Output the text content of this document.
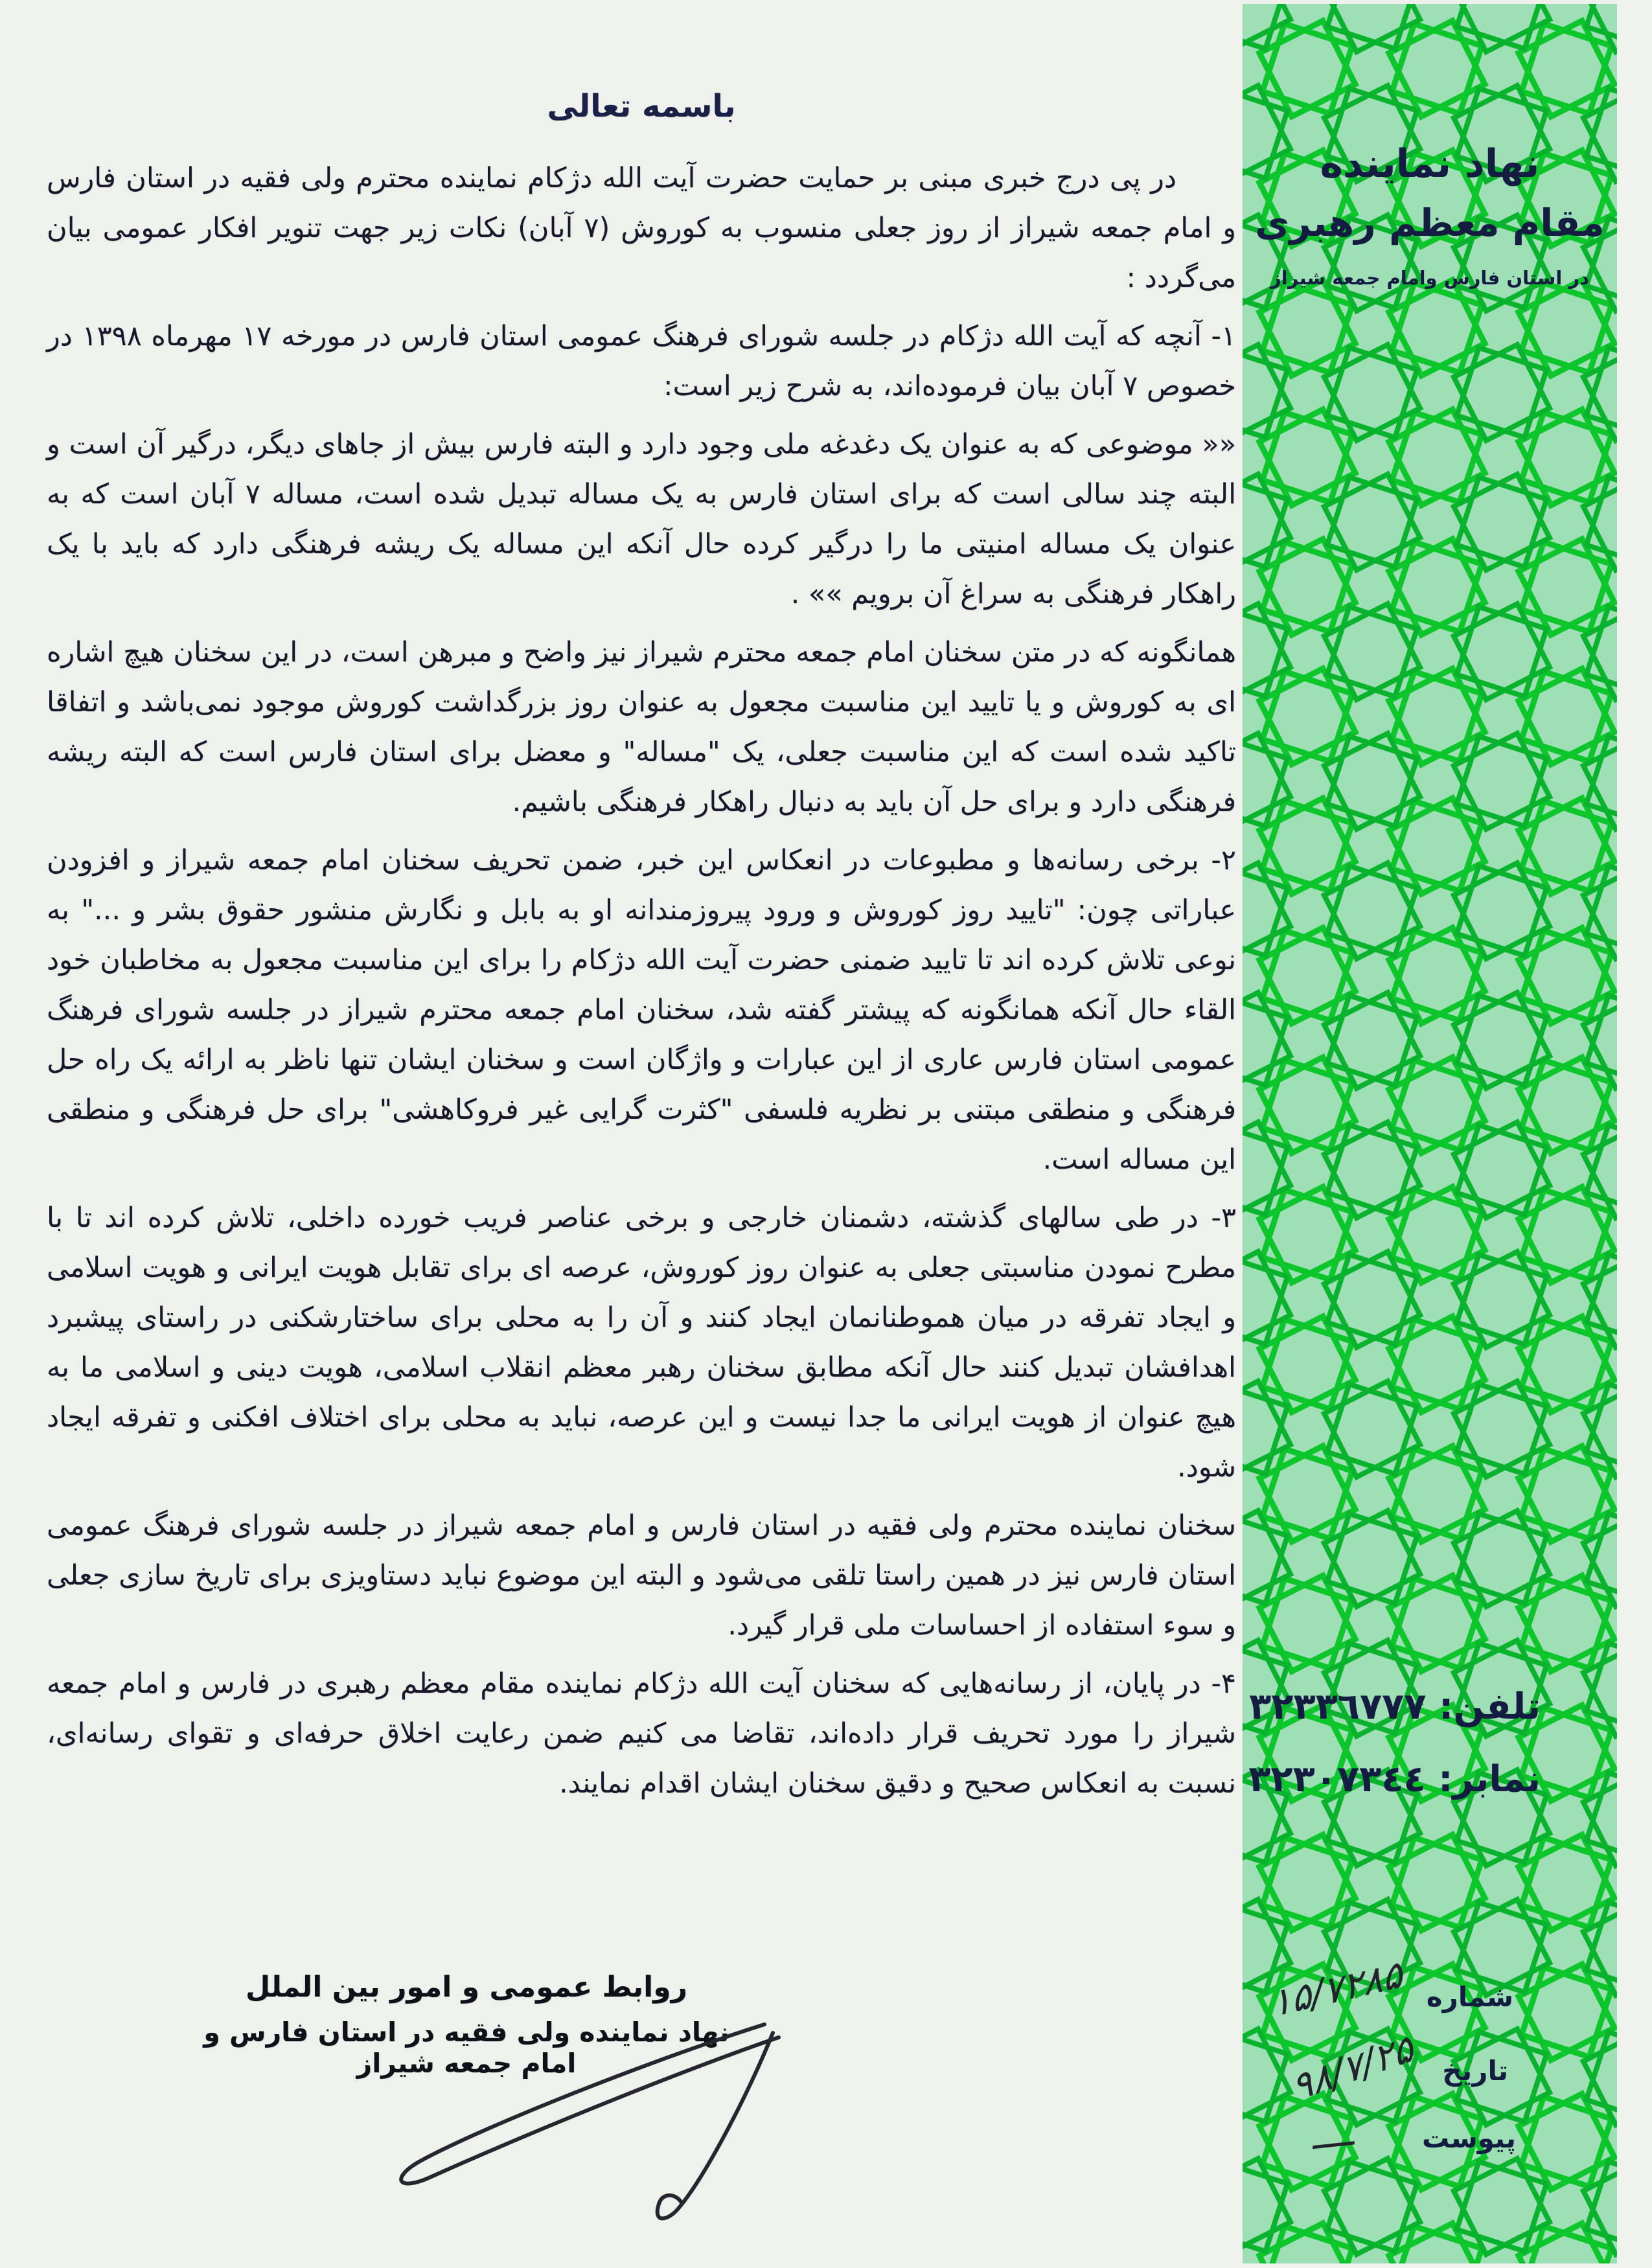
باسمه تعالی

در پی درج خبری مبنی بر حمایت حضرت آیت الله دژکام نماینده محترم ولی فقیه در استان فارس و امام جمعه شیراز از روز جعلی منسوب به کوروش (۷ آبان) نکات زیر جهت تنویر افکار عمومی بیان می‌گردد :

۱- آنچه که آیت الله دژکام در جلسه شورای فرهنگ عمومی استان فارس در مورخه ۱۷ مهرماه ۱۳۹۸ در خصوص ۷ آبان بیان فرموده‌اند، به شرح زیر است:

«« موضوعی که به عنوان یک دغدغه ملی وجود دارد و البته فارس بیش از جاهای دیگر، درگیر آن است و البته چند سالی است که برای استان فارس به یک مساله تبدیل شده است، مساله ۷ آبان است که به عنوان یک مساله امنیتی ما را درگیر کرده حال آنکه این مساله یک ریشه فرهنگی دارد که باید با یک راهکار فرهنگی به سراغ آن برویم »» .

همانگونه که در متن سخنان امام جمعه محترم شیراز نیز واضح و مبرهن است، در این سخنان هیچ اشاره ای به کوروش و یا تایید این مناسبت مجعول به عنوان روز بزرگداشت کوروش موجود نمی‌باشد و اتفاقا تاکید شده است که این مناسبت جعلی، یک "مساله" و معضل برای استان فارس است که البته ریشه فرهنگی دارد و برای حل آن باید به دنبال راهکار فرهنگی باشیم.

۲- برخی رسانه‌ها و مطبوعات در انعکاس این خبر، ضمن تحریف سخنان امام جمعه شیراز و افزودن عباراتی چون: "تایید روز کوروش و ورود پیروزمندانه او به بابل و نگارش منشور حقوق بشر و ..." به نوعی تلاش کرده اند تا تایید ضمنی حضرت آیت الله دژکام را برای این مناسبت مجعول به مخاطبان خود القاء حال آنکه همانگونه که پیشتر گفته شد، سخنان امام جمعه محترم شیراز در جلسه شورای فرهنگ عمومی استان فارس عاری از این عبارات و واژگان است و سخنان ایشان تنها ناظر به ارائه یک راه حل فرهنگی و منطقی مبتنی بر نظریه فلسفی "کثرت گرایی غیر فروکاهشی" برای حل فرهنگی و منطقی این مساله است.

۳- در طی سالهای گذشته، دشمنان خارجی و برخی عناصر فریب خورده داخلی، تلاش کرده اند تا با مطرح نمودن مناسبتی جعلی به عنوان روز کوروش، عرصه ای برای تقابل هویت ایرانی و هویت اسلامی و ایجاد تفرقه در میان هموطنانمان ایجاد کنند و آن را به محلی برای ساختارشکنی در راستای پیشبرد اهدافشان تبدیل کنند حال آنکه مطابق سخنان رهبر معظم انقلاب اسلامی، هویت دینی و اسلامی ما به هیچ عنوان از هویت ایرانی ما جدا نیست و این عرصه، نباید به محلی برای اختلاف افکنی و تفرقه ایجاد شود.

سخنان نماینده محترم ولی فقیه در استان فارس و امام جمعه شیراز در جلسه شورای فرهنگ عمومی استان فارس نیز در همین راستا تلقی می‌شود و البته این موضوع نباید دستاویزی برای تاریخ سازی جعلی و سوء استفاده از احساسات ملی قرار گیرد.

۴- در پایان، از رسانه‌هایی که سخنان آیت الله دژکام نماینده مقام معظم رهبری در فارس و امام جمعه شیراز را مورد تحریف قرار داده‌اند، تقاضا می کنیم ضمن رعایت اخلاق حرفه‌ای و تقوای رسانه‌ای، نسبت به انعکاس صحیح و دقیق سخنان ایشان اقدام نمایند.

روابط عمومی و امور بین الملل
نهاد نماینده ولی فقیه در استان فارس و امام جمعه شیراز
نهاد نماینده
مقام معظم رهبری
در استان فارس وامام جمعه شیراز
تلفن: ٣٢٣٣٦٧٧٧
نمابر: ٣٢٣٠٧٣٤٤
شماره
۱۵/۷۲۸۵
تاریخ
۹۸/۷/۲۵
پیوست
—
